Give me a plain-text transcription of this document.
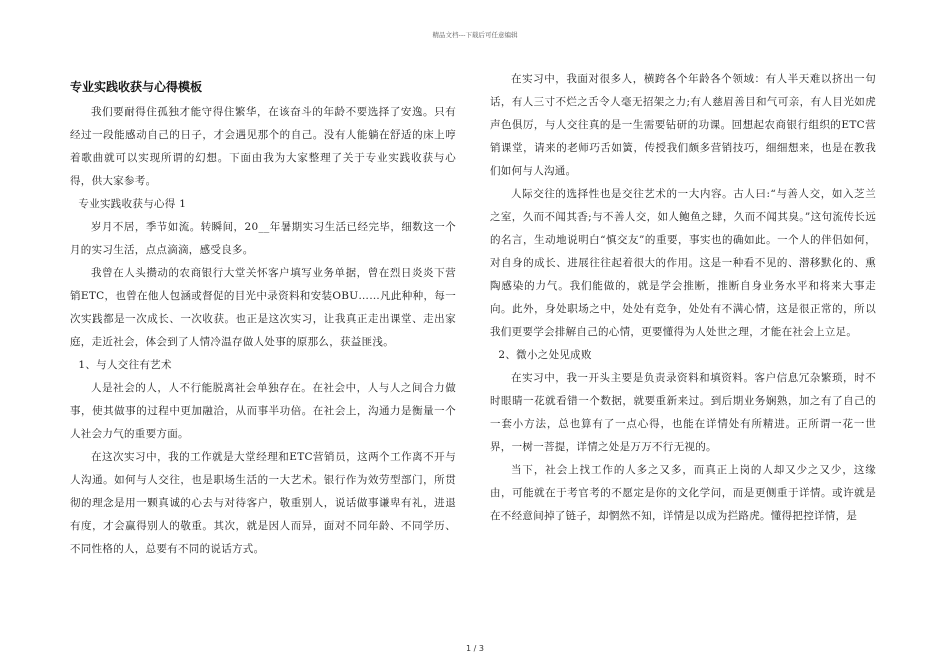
精品文档---下载后可任意编辑
专业实践收获与心得模板

我们要耐得住孤独才能守得住繁华，在该奋斗的年龄不要选择了安逸。只有经过一段能感动自己的日子，才会遇见那个的自己。没有人能躺在舒适的床上哼着歌曲就可以实现所谓的幻想。下面由我为大家整理了关于专业实践收获与心得，供大家参考。

专业实践收获与心得 1

岁月不居，季节如流。转瞬间，20__年暑期实习生活已经完毕，细数这一个月的实习生活，点点滴滴，感受良多。

我曾在人头攒动的农商银行大堂关怀客户填写业务单据，曾在烈日炎炎下营销ETC，也曾在他人包涵或督促的目光中录资料和安装OBU……凡此种种，每一次实践都是一次成长、一次收获。也正是这次实习，让我真正走出课堂、走出家庭，走近社会，体会到了人情冷温存做人处事的原那么，获益匪浅。

1、与人交往有艺术

人是社会的人，人不行能脱离社会单独存在。在社会中，人与人之间合力做事，使其做事的过程中更加融洽，从而事半功倍。在社会上，沟通力是衡量一个人社会力气的重要方面。

在这次实习中，我的工作就是大堂经理和ETC营销员，这两个工作离不开与人沟通。如何与人交往，也是职场生活的一大艺术。银行作为效劳型部门，所贯彻的理念是用一颗真诚的心去与对待客户，敬重别人，说话做事谦卑有礼，进退有度，才会赢得别人的敬重。其次，就是因人而异，面对不同年龄、不同学历、不同性格的人，总要有不同的说话方式。

在实习中，我面对很多人，横跨各个年龄各个领域：有人半天难以挤出一句话，有人三寸不烂之舌令人毫无招架之力;有人慈眉善目和气可亲，有人目光如虎声色俱厉，与人交往真的是一生需要钻研的功课。回想起农商银行组织的ETC营销课堂，请来的老师巧舌如簧，传授我们颇多营销技巧，细细想来，也是在教我们如何与人沟通。

人际交往的选择性也是交往艺术的一大内容。古人曰:“与善人交，如入芝兰之室，久而不闻其香;与不善人交，如人鲍鱼之肆，久而不闻其臭。”这句流传长远的名言，生动地说明白“慎交友”的重要，事实也的确如此。一个人的伴侣如何，对自身的成长、进展往往起着很大的作用。这是一种看不见的、潜移默化的、熏陶感染的力气。我们能做的，就是学会推断，推断自身业务水平和将来大事走向。此外，身处职场之中，处处有竞争，处处有不满心情，这是很正常的，所以我们更要学会排解自己的心情，更要懂得为人处世之理，才能在社会上立足。

2、微小之处见成败

在实习中，我一开头主要是负责录资料和填资料。客户信息冗杂繁琐，时不时眼睛一花就看错一个数据，就要重新来过。到后期业务娴熟，加之有了自己的一套小方法，总也算有了一点心得，也能在详情处有所精进。正所谓一花一世界，一树一菩提，详情之处是万万不行无视的。

当下，社会上找工作的人多之又多，而真正上岗的人却又少之又少，这缘由，可能就在于考官考的不愿定是你的文化学问，而是更侧重于详情。或许就是在不经意间掉了链子，却惘然不知，详情是以成为拦路虎。懂得把控详情，是

1 / 3
